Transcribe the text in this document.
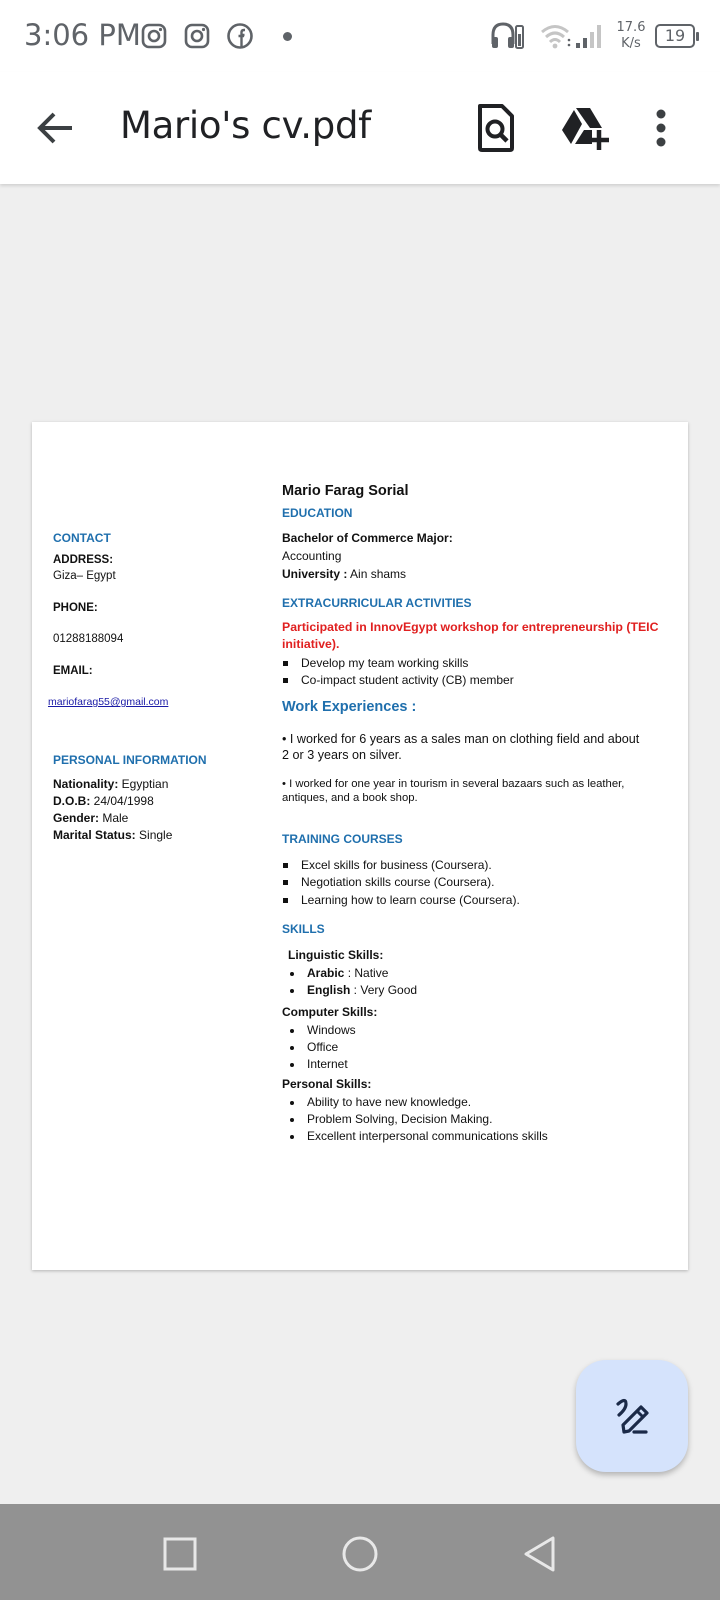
3:06 PM	17.6
K/s	19
Mario's cv.pdf
CONTACT
ADDRESS:
Giza– Egypt
PHONE:
01288188094
EMAIL:
mariofarag55@gmail.com
PERSONAL INFORMATION
Nationality: Egyptian
D.O.B: 24/04/1998
Gender: Male
Marital Status: Single
Mario Farag Sorial
EDUCATION
Bachelor of Commerce Major:
Accounting
University : Ain shams
EXTRACURRICULAR ACTIVITIES
Participated in InnovEgypt workshop for entrepreneurship (TEIC initiative).
Develop my team working skills
Co-impact student activity (CB) member
Work Experiences :
• I worked for 6 years as a sales man on clothing field and about 2 or 3 years on silver.
• I worked for one year in tourism in several bazaars such as leather, antiques, and a book shop.
TRAINING COURSES
Excel skills for business (Coursera).
Negotiation skills course (Coursera).
Learning how to learn course (Coursera).
SKILLS
Linguistic Skills:
Arabic : Native
English : Very Good
Computer Skills:
Windows
Office
Internet
Personal Skills:
Ability to have new knowledge.
Problem Solving, Decision Making.
Excellent interpersonal communications skills
